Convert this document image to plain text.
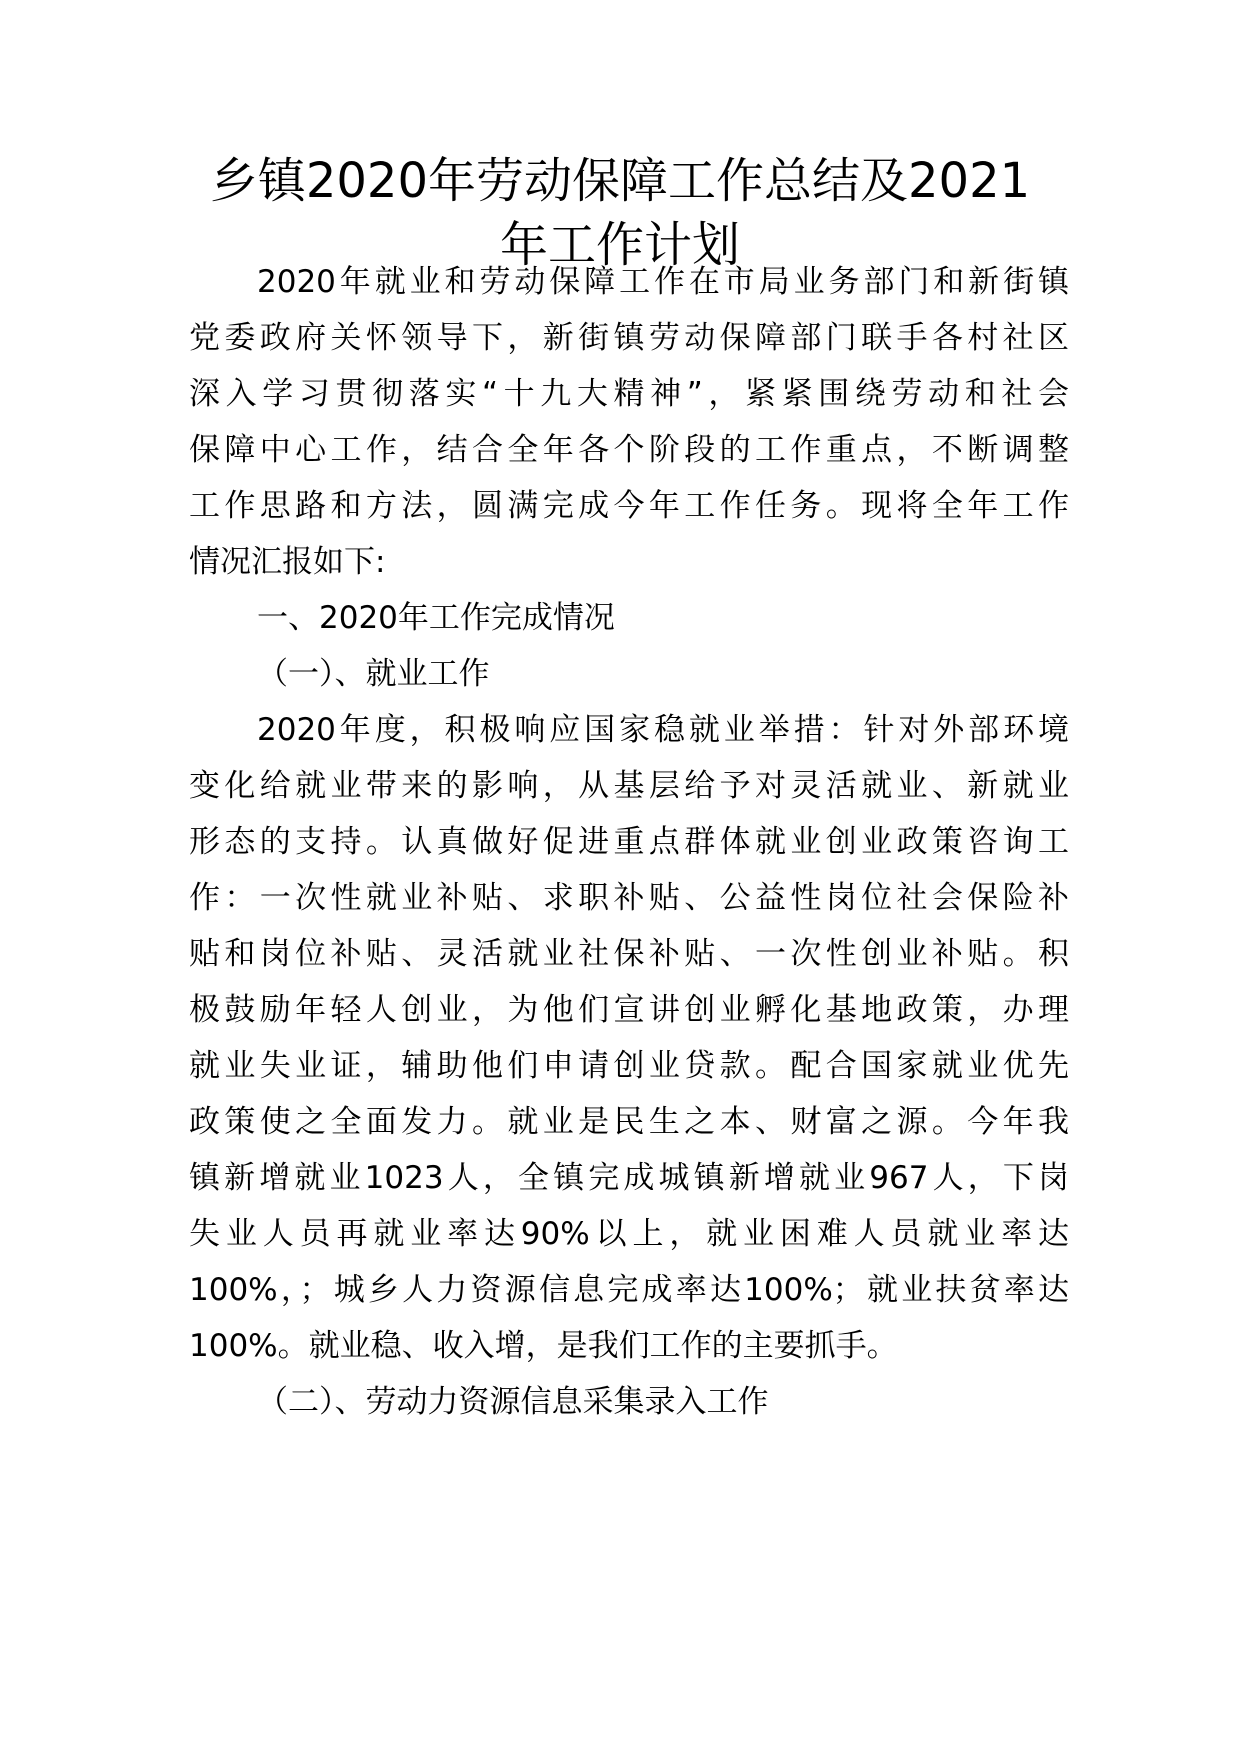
乡镇2020年劳动保障工作总结及2021
年工作计划

2020年就业和劳动保障工作在市局业务部门和新街镇

党委政府关怀领导下，新街镇劳动保障部门联手各村社区

深入学习贯彻落实“十九大精神”，紧紧围绕劳动和社会

保障中心工作，结合全年各个阶段的工作重点，不断调整

工作思路和方法，圆满完成今年工作任务。现将全年工作

情况汇报如下:

一、2020年工作完成情况

（一）、就业工作

2020年度，积极响应国家稳就业举措：针对外部环境

变化给就业带来的影响，从基层给予对灵活就业、新就业

形态的支持。认真做好促进重点群体就业创业政策咨询工

作：一次性就业补贴、求职补贴、公益性岗位社会保险补

贴和岗位补贴、灵活就业社保补贴、一次性创业补贴。积

极鼓励年轻人创业，为他们宣讲创业孵化基地政策，办理

就业失业证，辅助他们申请创业贷款。配合国家就业优先

政策使之全面发力。就业是民生之本、财富之源。今年我

镇新增就业1023人，全镇完成城镇新增就业967人，下岗

失业人员再就业率达90%以上，就业困难人员就业率达

100%，；城乡人力资源信息完成率达100%；就业扶贫率达

100%。就业稳、收入增，是我们工作的主要抓手。

（二）、劳动力资源信息采集录入工作
